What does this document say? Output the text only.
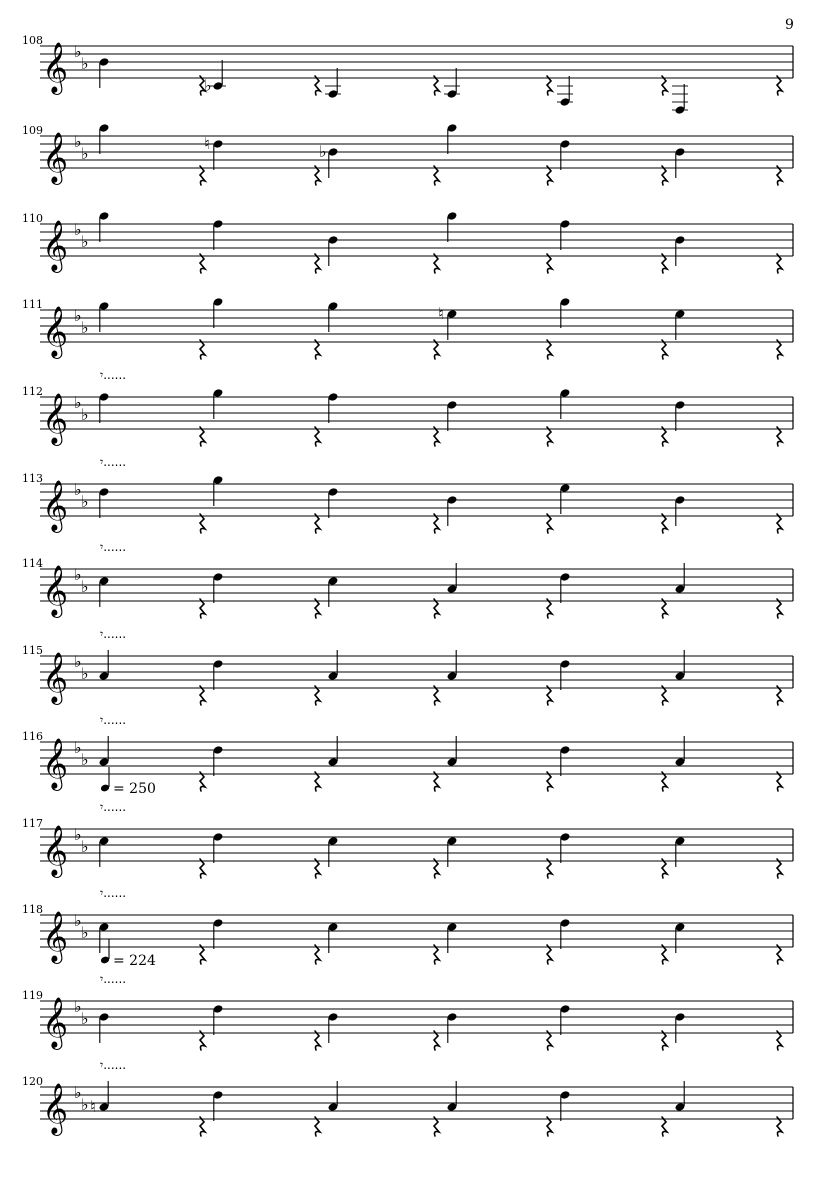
9
108
𝄞 ♭
♭
♭
109
𝄞 ♭
♭
♮	♭
110
𝄞 ♭
♭
111
𝄞 ♭
♭
♮
112
𝄞 ♭
♭
𝄾......
113
𝄞 ♭
♭
𝄾......
114
𝄞 ♭
♭
𝄾......
115
𝄞 ♭
♭
𝄾......
116
𝄞 ♭
♭
𝄾......
117
𝄞 ♭
♭
= 250
𝄾......
118
𝄞 ♭
♭
𝄾......
119
𝄞 ♭
♭
= 224
𝄾......
120
𝄞 ♭
♭ ♮
𝄾......
